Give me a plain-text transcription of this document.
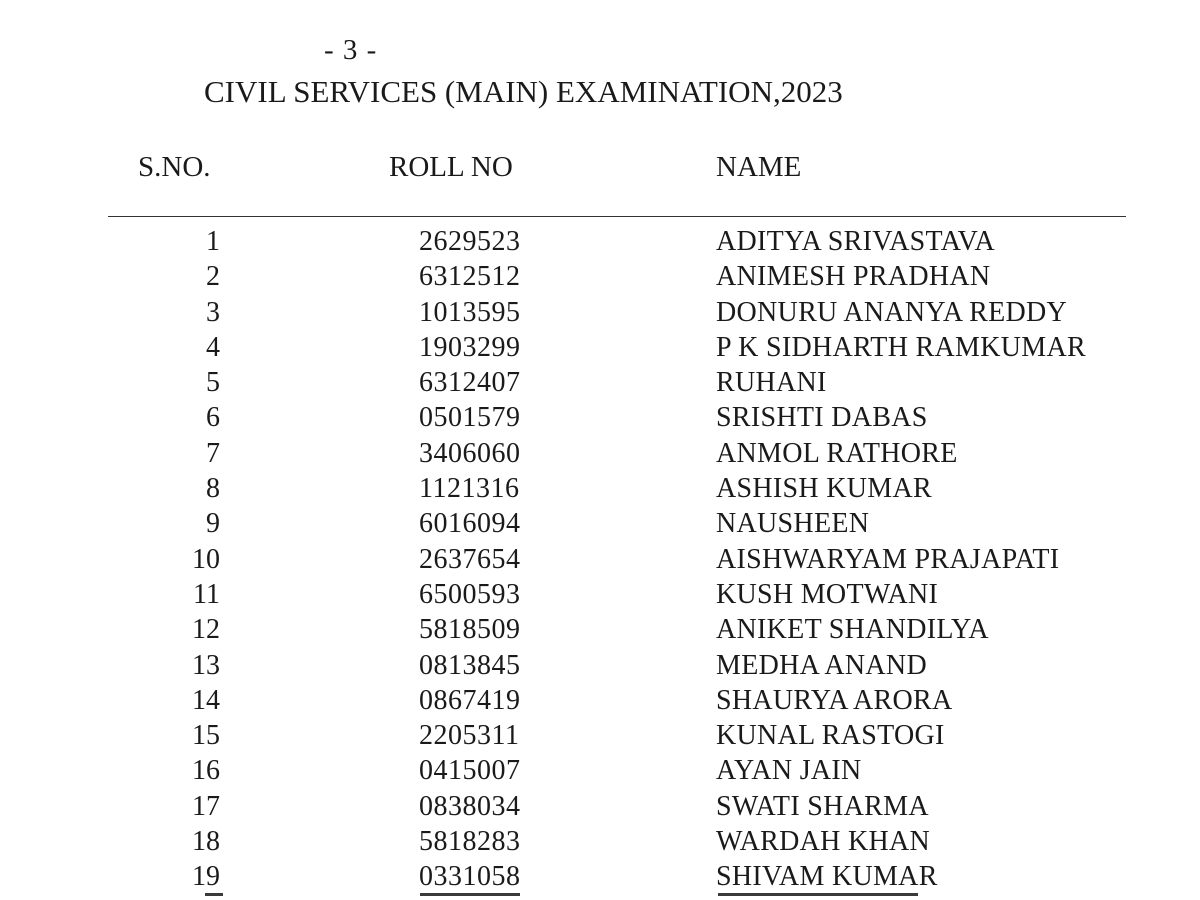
- 3 -
CIVIL SERVICES (MAIN) EXAMINATION,2023
S.NO.	ROLL NO	NAME
1	2629523	ADITYA SRIVASTAVA
2	6312512	ANIMESH PRADHAN
3	1013595	DONURU ANANYA REDDY
4	1903299	P K SIDHARTH RAMKUMAR
5	6312407	RUHANI
6	0501579	SRISHTI DABAS
7	3406060	ANMOL RATHORE
8	1121316	ASHISH KUMAR
9	6016094	NAUSHEEN
10	2637654	AISHWARYAM PRAJAPATI
11	6500593	KUSH MOTWANI
12	5818509	ANIKET SHANDILYA
13	0813845	MEDHA ANAND
14	0867419	SHAURYA ARORA
15	2205311	KUNAL RASTOGI
16	0415007	AYAN JAIN
17	0838034	SWATI SHARMA
18	5818283	WARDAH KHAN
19	0331058	SHIVAM KUMAR
